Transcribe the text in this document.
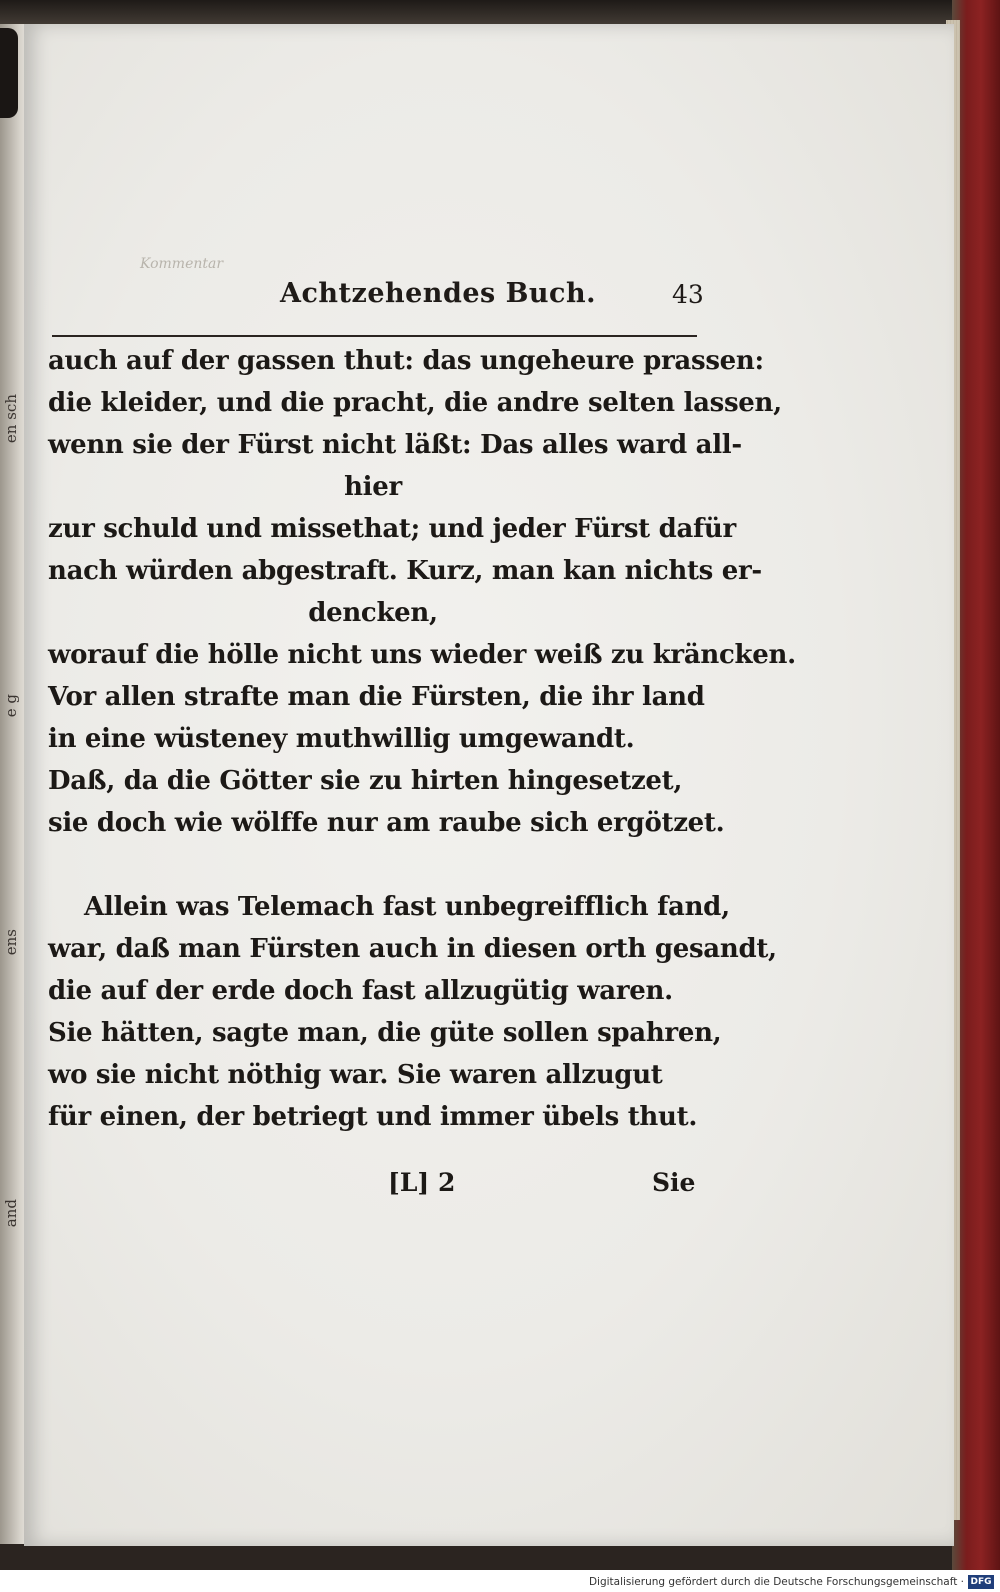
en sch
e g
ens
and
Kommentar
Achtzehendes Buch.	43
auch auf der gassen thut: das ungeheure prassen:
die kleider, und die pracht, die andre selten lassen,
wenn sie der Fürst nicht läßt: Das alles ward all-
hier
zur schuld und missethat; und jeder Fürst dafür
nach würden abgestraft. Kurz, man kan nichts er-
dencken,
worauf die hölle nicht uns wieder weiß zu kräncken.
Vor allen strafte man die Fürsten, die ihr land
in eine wüsteney muthwillig umgewandt.
Daß, da die Götter sie zu hirten hingesetzet,
sie doch wie wölffe nur am raube sich ergötzet.
Allein was Telemach fast unbegreifflich fand,
war, daß man Fürsten auch in diesen orth gesandt,
die auf der erde doch fast allzugütig waren.
Sie hätten, sagte man, die güte sollen spahren,
wo sie nicht nöthig war. Sie waren allzugut
für einen, der betriegt und immer übels thut.
[L] 2	Sie
Digitalisierung gefördert durch die Deutsche Forschungsgemeinschaft · DFG
